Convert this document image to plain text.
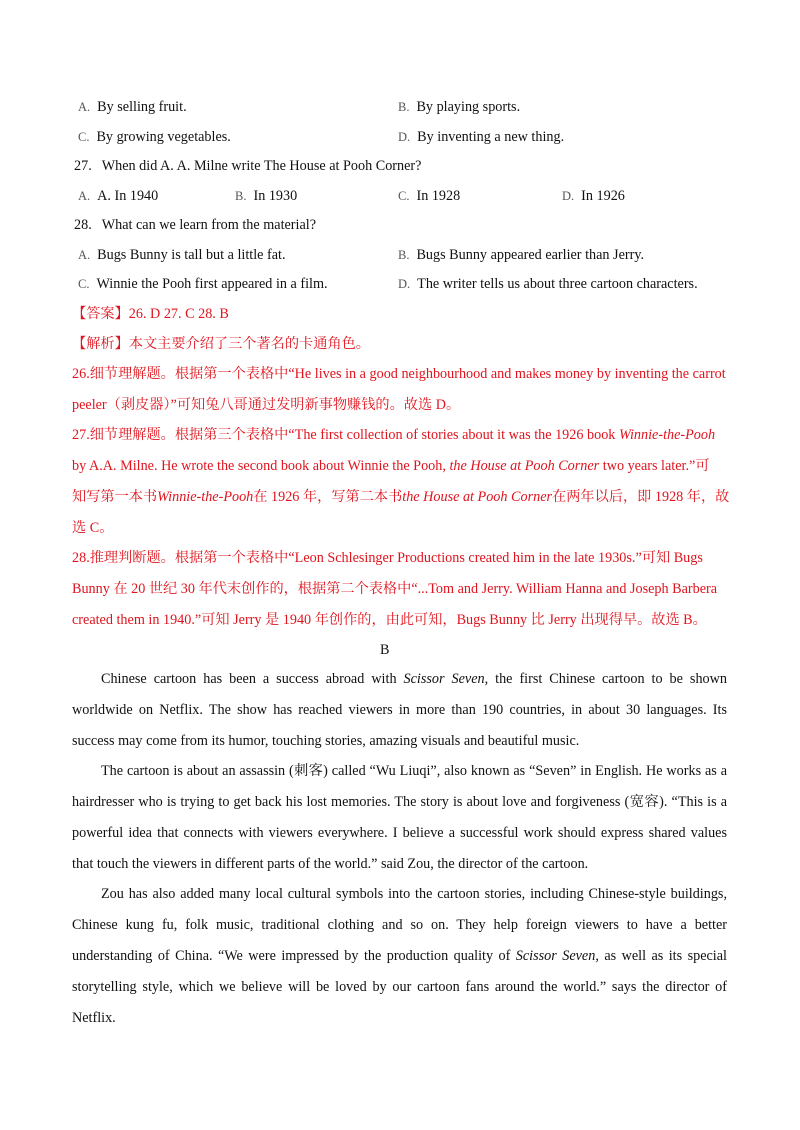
A. By selling fruit.	B. By playing sports.
C. By growing vegetables.	D. By inventing a new thing.
27. When did A. A. Milne write The House at Pooh Corner?
A. A. In 1940	B. In 1930	C. In 1928	D. In 1926
28. What can we learn from the material?
A. Bugs Bunny is tall but a little fat.	B. Bugs Bunny appeared earlier than Jerry.
C. Winnie the Pooh first appeared in a film.	D. The writer tells us about three cartoon characters.
【答案】26. D 27. C 28. B
【解析】本文主要介绍了三个著名的卡通角色。
26.细节理解题。根据第一个表格中“He lives in a good neighbourhood and makes money by inventing the carrot
peeler（剥皮器）”可知兔八哥通过发明新事物赚钱的。故选 D。
27.细节理解题。根据第三个表格中“The first collection of stories about it was the 1926 book Winnie-the-Pooh
by A.A. Milne. He wrote the second book about Winnie the Pooh, the House at Pooh Corner two years later.”可
知写第一本书Winnie-the-Pooh在 1926 年，写第二本书the House at Pooh Corner在两年以后，即 1928 年，故
选 C。
28.推理判断题。根据第一个表格中“Leon Schlesinger Productions created him in the late 1930s.”可知 Bugs
Bunny 在 20 世纪 30 年代末创作的，根据第二个表格中“...Tom and Jerry. William Hanna and Joseph Barbera
created them in 1940.”可知 Jerry 是 1940 年创作的，由此可知，Bugs Bunny 比 Jerry 出现得早。故选 B。
B
Chinese cartoon has been a success abroad with Scissor Seven, the first Chinese cartoon to be shown worldwide on Netflix. The show has reached viewers in more than 190 countries, in about 30 languages. Its success may come from its humor, touching stories, amazing visuals and beautiful music.
The cartoon is about an assassin (刺客) called “Wu Liuqi”, also known as “Seven” in English. He works as a hairdresser who is trying to get back his lost memories. The story is about love and forgiveness (宽容). “This is a powerful idea that connects with viewers everywhere. I believe a successful work should express shared values that touch the viewers in different parts of the world.” said Zou, the director of the cartoon.
Zou has also added many local cultural symbols into the cartoon stories, including Chinese-style buildings, Chinese kung fu, folk music, traditional clothing and so on. They help foreign viewers to have a better understanding of China. “We were impressed by the production quality of Scissor Seven, as well as its special storytelling style, which we believe will be loved by our cartoon fans around the world.” says the director of Netflix.
